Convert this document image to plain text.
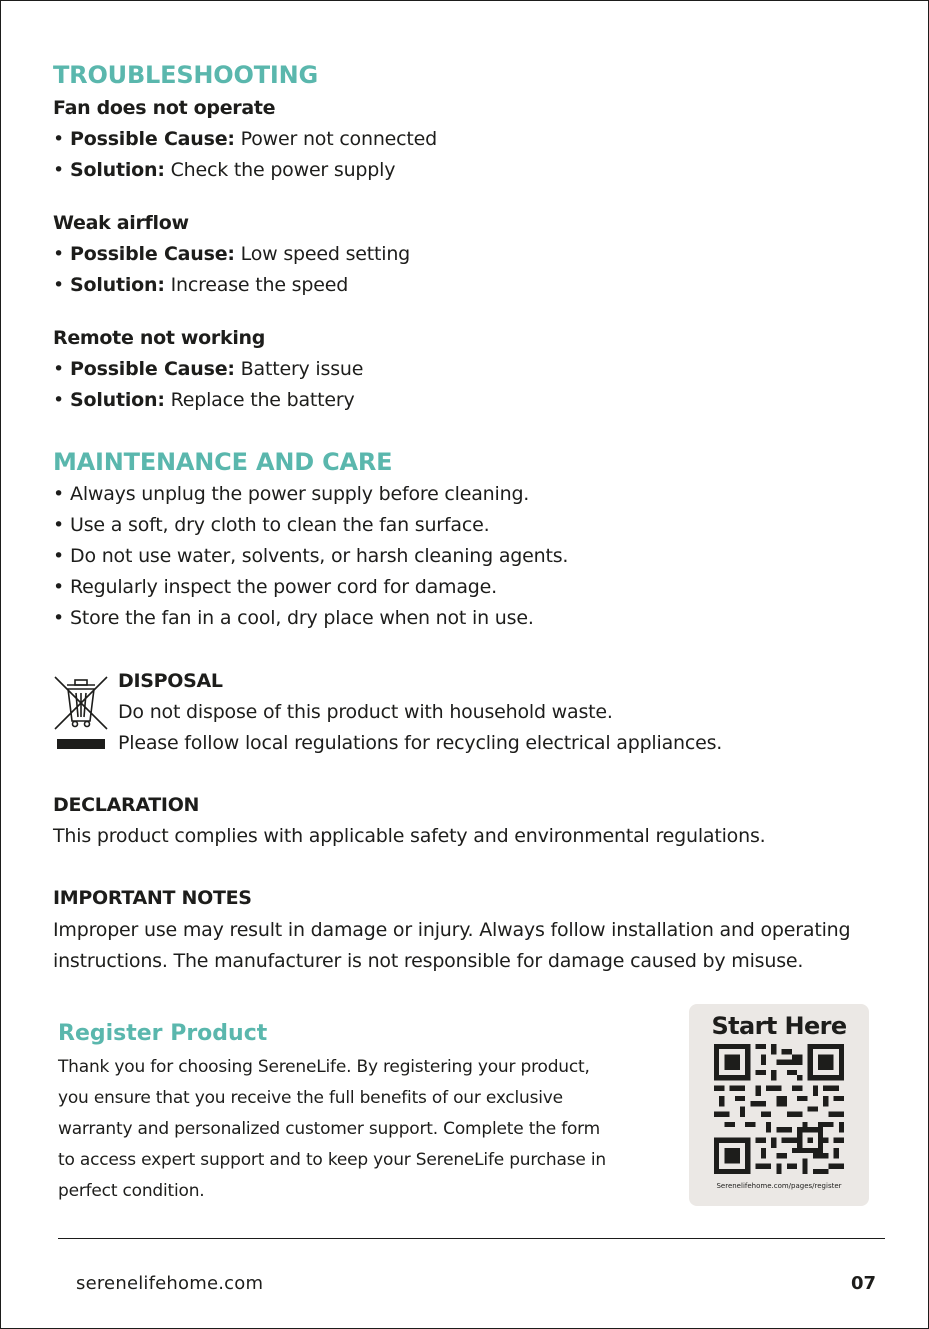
TROUBLESHOOTING
Fan does not operate
• Possible Cause: Power not connected
• Solution: Check the power supply
Weak airflow
• Possible Cause: Low speed setting
• Solution: Increase the speed
Remote not working
• Possible Cause: Battery issue
• Solution: Replace the battery
MAINTENANCE AND CARE
• Always unplug the power supply before cleaning.
• Use a soft, dry cloth to clean the fan surface.
• Do not use water, solvents, or harsh cleaning agents.
• Regularly inspect the power cord for damage.
• Store the fan in a cool, dry place when not in use.
DISPOSAL
Do not dispose of this product with household waste.
Please follow local regulations for recycling electrical appliances.
DECLARATION
This product complies with applicable safety and environmental regulations.
IMPORTANT NOTES
Improper use may result in damage or injury. Always follow installation and operating
instructions. The manufacturer is not responsible for damage caused by misuse.
Register Product
Thank you for choosing SereneLife. By registering your product,
you ensure that you receive the full benefits of our exclusive
warranty and personalized customer support. Complete the form
to access expert support and to keep your SereneLife purchase in
perfect condition.
Start Here
Serenelifehome.com/pages/register
serenelifehome.com	07
